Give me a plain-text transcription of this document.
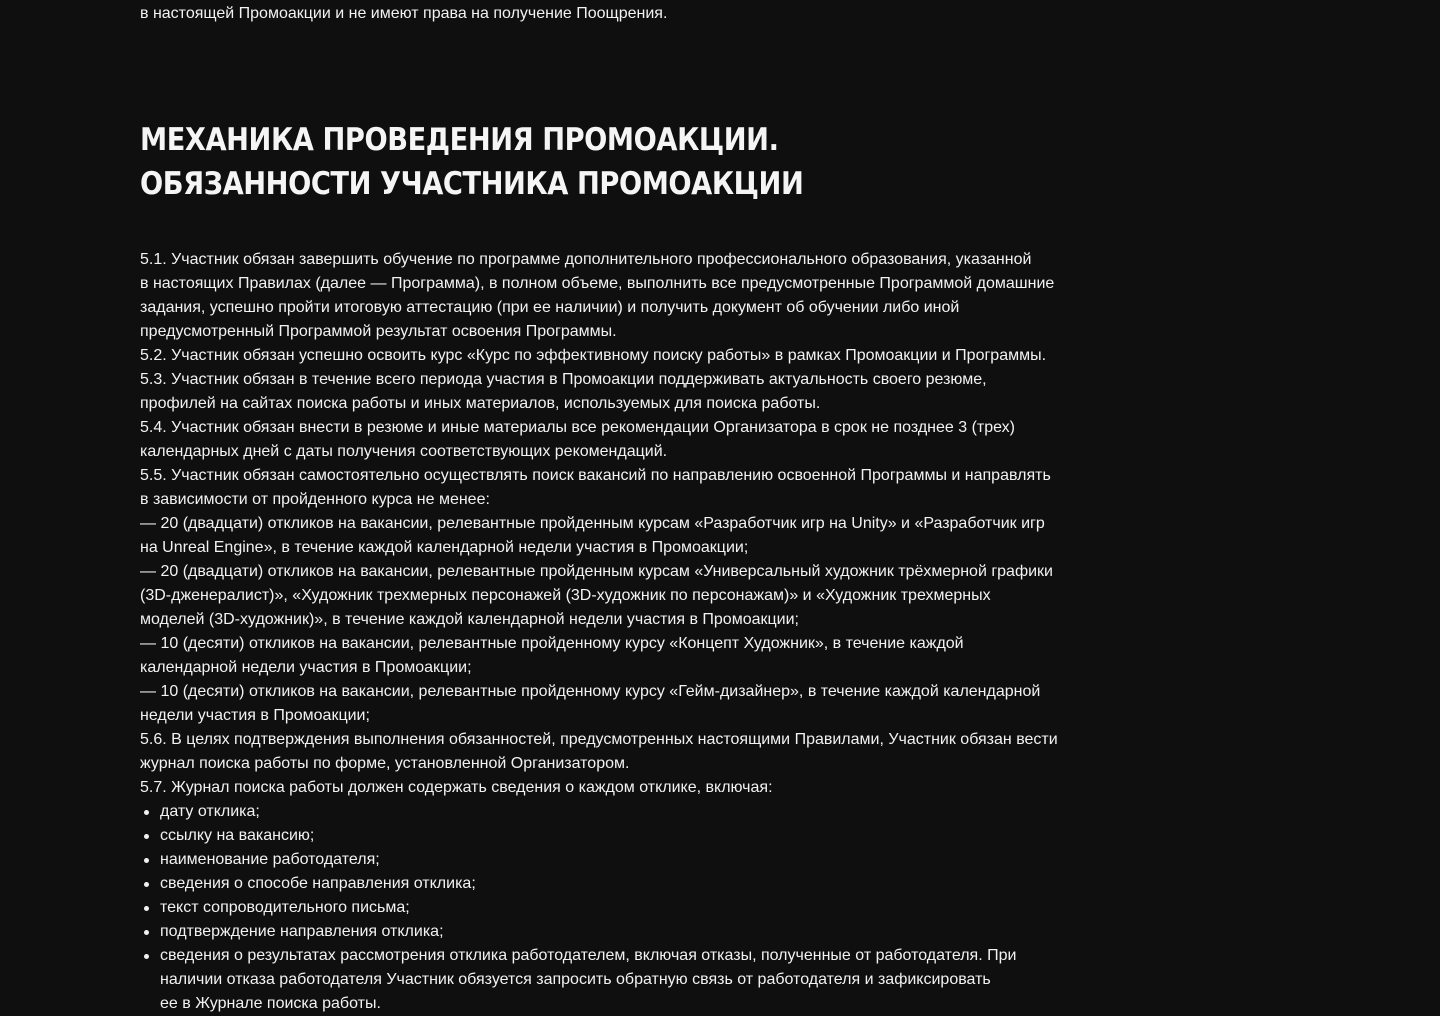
в настоящей Промоакции и не имеют права на получение Поощрения.
МЕХАНИКА ПРОВЕДЕНИЯ ПРОМОАКЦИИ.
ОБЯЗАННОСТИ УЧАСТНИКА ПРОМОАКЦИИ

5.1. Участник обязан завершить обучение по программе дополнительного профессионального образования, указанной
в настоящих Правилах (далее — Программа), в полном объеме, выполнить все предусмотренные Программой домашние
задания, успешно пройти итоговую аттестацию (при ее наличии) и получить документ об обучении либо иной
предусмотренный Программой результат освоения Программы.

5.2. Участник обязан успешно освоить курс «Курс по эффективному поиску работы» в рамках Промоакции и Программы.

5.3. Участник обязан в течение всего периода участия в Промоакции поддерживать актуальность своего резюме,
профилей на сайтах поиска работы и иных материалов, используемых для поиска работы.

5.4. Участник обязан внести в резюме и иные материалы все рекомендации Организатора в срок не позднее 3 (трех)
календарных дней с даты получения соответствующих рекомендаций.

5.5. Участник обязан самостоятельно осуществлять поиск вакансий по направлению освоенной Программы и направлять
в зависимости от пройденного курса не менее:

— 20 (двадцати) откликов на вакансии, релевантные пройденным курсам «Разработчик игр на Unity» и «Разработчик игр
на Unreal Engine», в течение каждой календарной недели участия в Промоакции;

— 20 (двадцати) откликов на вакансии, релевантные пройденным курсам «Универсальный художник трёхмерной графики
(3D-дженералист)», «Художник трехмерных персонажей (3D-художник по персонажам)» и «Художник трехмерных
моделей (3D-художник)», в течение каждой календарной недели участия в Промоакции;

— 10 (десяти) откликов на вакансии, релевантные пройденному курсу «Концепт Художник», в течение каждой
календарной недели участия в Промоакции;

— 10 (десяти) откликов на вакансии, релевантные пройденному курсу «Гейм-дизайнер», в течение каждой календарной
недели участия в Промоакции;

5.6. В целях подтверждения выполнения обязанностей, предусмотренных настоящими Правилами, Участник обязан вести
журнал поиска работы по форме, установленной Организатором.

5.7. Журнал поиска работы должен содержать сведения о каждом отклике, включая:

дату отклика;
ссылку на вакансию;
наименование работодателя;
сведения о способе направления отклика;
текст сопроводительного письма;
подтверждение направления отклика;
сведения о результатах рассмотрения отклика работодателем, включая отказы, полученные от работодателя. При
наличии отказа работодателя Участник обязуется запросить обратную связь от работодателя и зафиксировать
ее в Журнале поиска работы.
